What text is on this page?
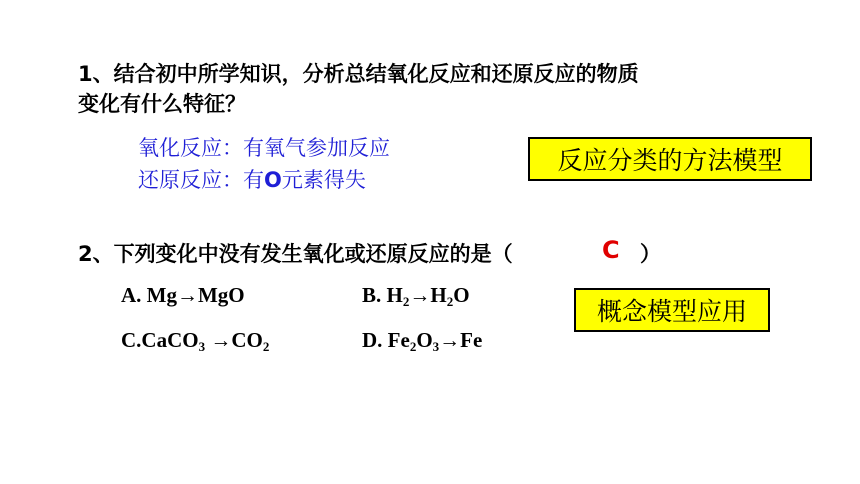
1、结合初中所学知识，分析总结氧化反应和还原反应的物质
变化有什么特征？
氧化反应：有氧气参加反应
还原反应：有O元素得失
反应分类的方法模型
2、下列变化中没有发生氧化或还原反应的是（	C ）
概念模型应用
A. Mg→MgO	B. $H_2\to H_2O$
C.CaCO$_3$ $\to CO_2$	D. $Fe_2O_3\to Fe$
